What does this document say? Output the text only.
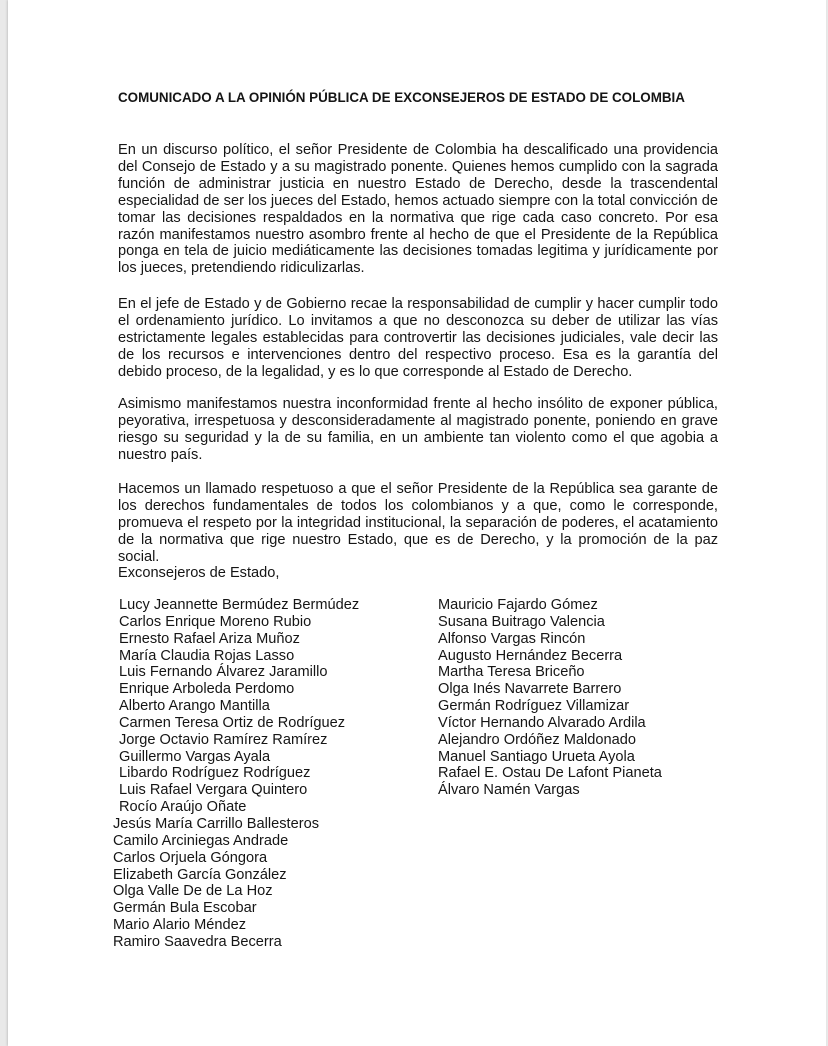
COMUNICADO A LA OPINIÓN PÚBLICA DE EXCONSEJEROS DE ESTADO DE COLOMBIA

En un discurso político, el señor Presidente de Colombia ha descalificado una providencia del Consejo de Estado y a su magistrado ponente. Quienes hemos cumplido con la sagrada función de administrar justicia en nuestro Estado de Derecho, desde la trascendental especialidad de ser los jueces del Estado, hemos actuado siempre con la total convicción de tomar las decisiones respaldados en la normativa que rige cada caso concreto. Por esa razón manifestamos nuestro asombro frente al hecho de que el Presidente de la República ponga en tela de juicio mediáticamente las decisiones tomadas legitima y jurídicamente por los jueces, pretendiendo ridiculizarlas.

En el jefe de Estado y de Gobierno recae la responsabilidad de cumplir y hacer cumplir todo el ordenamiento jurídico. Lo invitamos a que no desconozca su deber de utilizar las vías estrictamente legales establecidas para controvertir las decisiones judiciales, vale decir las de los recursos e intervenciones dentro del respectivo proceso. Esa es la garantía del debido proceso, de la legalidad, y es lo que corresponde al Estado de Derecho.

Asimismo manifestamos nuestra inconformidad frente al hecho insólito de exponer pública, peyorativa, irrespetuosa y desconsideradamente al magistrado ponente, poniendo en grave riesgo su seguridad y la de su familia, en un ambiente tan violento como el que agobia a nuestro país.

Hacemos un llamado respetuoso a que el señor Presidente de la República sea garante de los derechos fundamentales de todos los colombianos y a que, como le corresponde, promueva el respeto por la integridad institucional, la separación de poderes, el acatamiento de la normativa que rige nuestro Estado, que es de Derecho, y la promoción de la paz social.

Exconsejeros de Estado,
Lucy Jeannette Bermúdez Bermúdez
Carlos Enrique Moreno Rubio
Ernesto Rafael Ariza Muñoz
María Claudia Rojas Lasso
Luis Fernando Álvarez Jaramillo
Enrique Arboleda Perdomo
Alberto Arango Mantilla
Carmen Teresa Ortiz de Rodríguez
Jorge Octavio Ramírez Ramírez
Guillermo Vargas Ayala
Libardo Rodríguez Rodríguez
Luis Rafael Vergara Quintero
Rocío Araújo Oñate
Jesús María Carrillo Ballesteros
Camilo Arciniegas Andrade
Carlos Orjuela Góngora
Elizabeth García González
Olga Valle De de La Hoz
Germán Bula Escobar
Mario Alario Méndez
Ramiro Saavedra Becerra
Mauricio Fajardo Gómez
Susana Buitrago Valencia
Alfonso Vargas Rincón
Augusto Hernández Becerra
Martha Teresa Briceño
Olga Inés Navarrete Barrero
Germán Rodríguez Villamizar
Víctor Hernando Alvarado Ardila
Alejandro Ordóñez Maldonado
Manuel Santiago Urueta Ayola
Rafael E. Ostau De Lafont Pianeta
Álvaro Namén Vargas
